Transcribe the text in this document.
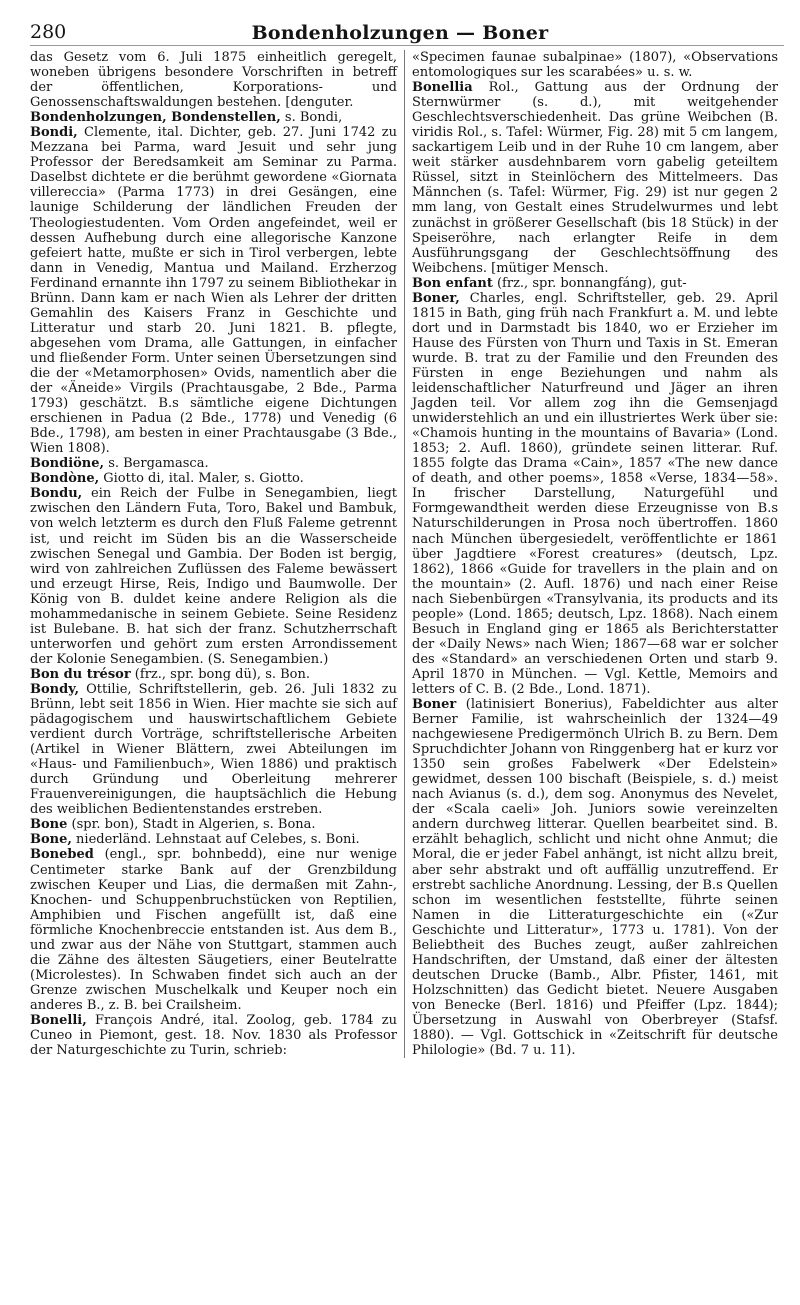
280	Bondenholzungen — Boner

das Gesetz vom 6. Juli 1875 einheitlich geregelt, woneben übrigens besondere Vorschriften in betreff der öffentlichen, Korporations- und Genossenschaftswaldungen bestehen. [denguter.

Bondenholzungen, Bondenstellen, s. Bondi,

Bondi, Clemente, ital. Dichter, geb. 27. Juni 1742 zu Mezzana bei Parma, ward Jesuit und sehr jung Professor der Beredsamkeit am Seminar zu Parma. Daselbst dichtete er die berühmt gewordene «Giornata villereccia» (Parma 1773) in drei Gesängen, eine launige Schilderung der ländlichen Freuden der Theologiestudenten. Vom Orden angefeindet, weil er dessen Aufhebung durch eine allegorische Kanzone gefeiert hatte, mußte er sich in Tirol verbergen, lebte dann in Venedig, Mantua und Mailand. Erzherzog Ferdinand ernannte ihn 1797 zu seinem Bibliothekar in Brünn. Dann kam er nach Wien als Lehrer der dritten Gemahlin des Kaisers Franz in Geschichte und Litteratur und starb 20. Juni 1821. B. pflegte, abgesehen vom Drama, alle Gattungen, in einfacher und fließender Form. Unter seinen Übersetzungen sind die der «Metamorphosen» Ovids, namentlich aber die der «Äneide» Virgils (Prachtausgabe, 2 Bde., Parma 1793) geschätzt. B.s sämtliche eigene Dichtungen erschienen in Padua (2 Bde., 1778) und Venedig (6 Bde., 1798), am besten in einer Prachtausgabe (3 Bde., Wien 1808).

Bondiöne, s. Bergamasca.

Bondòne, Giotto di, ital. Maler, s. Giotto.

Bondu, ein Reich der Fulbe in Senegambien, liegt zwischen den Ländern Futa, Toro, Bakel und Bambuk, von welch letzterm es durch den Fluß Faleme getrennt ist, und reicht im Süden bis an die Wasserscheide zwischen Senegal und Gambia. Der Boden ist bergig, wird von zahlreichen Zuflüssen des Faleme bewässert und erzeugt Hirse, Reis, Indigo und Baumwolle. Der König von B. duldet keine andere Religion als die mohammedanische in seinem Gebiete. Seine Residenz ist Bulebane. B. hat sich der franz. Schutzherrschaft unterworfen und gehört zum ersten Arrondissement der Kolonie Senegambien. (S. Senegambien.)

Bon du trésor (frz., spr. bong dü), s. Bon.

Bondy, Ottilie, Schriftstellerin, geb. 26. Juli 1832 zu Brünn, lebt seit 1856 in Wien. Hier machte sie sich auf pädagogischem und hauswirtschaftlichem Gebiete verdient durch Vorträge, schriftstellerische Arbeiten (Artikel in Wiener Blättern, zwei Abteilungen im «Haus- und Familienbuch», Wien 1886) und praktisch durch Gründung und Oberleitung mehrerer Frauenvereinigungen, die hauptsächlich die Hebung des weiblichen Bedientenstandes erstreben.

Bone (spr. bon), Stadt in Algerien, s. Bona.

Bone, niederländ. Lehnstaat auf Celebes, s. Boni.

Bonebed (engl., spr. bohnbedd), eine nur wenige Centimeter starke Bank auf der Grenzbildung zwischen Keuper und Lias, die dermaßen mit Zahn-, Knochen- und Schuppenbruchstücken von Reptilien, Amphibien und Fischen angefüllt ist, daß eine förmliche Knochenbreccie entstanden ist. Aus dem B., und zwar aus der Nähe von Stuttgart, stammen auch die Zähne des ältesten Säugetiers, einer Beutelratte (Microlestes). In Schwaben findet sich auch an der Grenze zwischen Muschelkalk und Keuper noch ein anderes B., z. B. bei Crailsheim.

Bonelli, François André, ital. Zoolog, geb. 1784 zu Cuneo in Piemont, gest. 18. Nov. 1830 als Professor der Naturgeschichte zu Turin, schrieb:

«Specimen faunae subalpinae» (1807), «Observations entomologiques sur les scarabées» u. s. w.

Bonellia Rol., Gattung aus der Ordnung der Sternwürmer (s. d.), mit weitgehender Geschlechtsverschiedenheit. Das grüne Weibchen (B. viridis Rol., s. Tafel: Würmer, Fig. 28) mit 5 cm langem, sackartigem Leib und in der Ruhe 10 cm langem, aber weit stärker ausdehnbarem vorn gabelig geteiltem Rüssel, sitzt in Steinlöchern des Mittelmeers. Das Männchen (s. Tafel: Würmer, Fig. 29) ist nur gegen 2 mm lang, von Gestalt eines Strudelwurmes und lebt zunächst in größerer Gesellschaft (bis 18 Stück) in der Speiseröhre, nach erlangter Reife in dem Ausführungsgang der Geschlechtsöffnung des Weibchens. [mütiger Mensch.

Bon enfant (frz., spr. bonnangfáng), gut-

Boner, Charles, engl. Schriftsteller, geb. 29. April 1815 in Bath, ging früh nach Frankfurt a. M. und lebte dort und in Darmstadt bis 1840, wo er Erzieher im Hause des Fürsten von Thurn und Taxis in St. Emeran wurde. B. trat zu der Familie und den Freunden des Fürsten in enge Beziehungen und nahm als leidenschaftlicher Naturfreund und Jäger an ihren Jagden teil. Vor allem zog ihn die Gemsenjagd unwiderstehlich an und ein illustriertes Werk über sie: «Chamois hunting in the mountains of Bavaria» (Lond. 1853; 2. Aufl. 1860), gründete seinen litterar. Ruf. 1855 folgte das Drama «Cain», 1857 «The new dance of death, and other poems», 1858 «Verse, 1834—58». In frischer Darstellung, Naturgefühl und Formgewandtheit werden diese Erzeugnisse von B.s Naturschilderungen in Prosa noch übertroffen. 1860 nach München übergesiedelt, veröffentlichte er 1861 über Jagdtiere «Forest creatures» (deutsch, Lpz. 1862), 1866 «Guide for travellers in the plain and on the mountain» (2. Aufl. 1876) und nach einer Reise nach Siebenbürgen «Transylvania, its products and its people» (Lond. 1865; deutsch, Lpz. 1868). Nach einem Besuch in England ging er 1865 als Berichterstatter der «Daily News» nach Wien; 1867—68 war er solcher des «Standard» an verschiedenen Orten und starb 9. April 1870 in München. — Vgl. Kettle, Memoirs and letters of C. B. (2 Bde., Lond. 1871).

Boner (latinisiert Bonerius), Fabeldichter aus alter Berner Familie, ist wahrscheinlich der 1324—49 nachgewiesene Predigermönch Ulrich B. zu Bern. Dem Spruchdichter Johann von Ringgenberg hat er kurz vor 1350 sein großes Fabelwerk «Der Edelstein» gewidmet, dessen 100 bischaft (Beispiele, s. d.) meist nach Avianus (s. d.), dem sog. Anonymus des Nevelet, der «Scala caeli» Joh. Juniors sowie vereinzelten andern durchweg litterar. Quellen bearbeitet sind. B. erzählt behaglich, schlicht und nicht ohne Anmut; die Moral, die er jeder Fabel anhängt, ist nicht allzu breit, aber sehr abstrakt und oft auffällig unzutreffend. Er erstrebt sachliche Anordnung. Lessing, der B.s Quellen schon im wesentlichen feststellte, führte seinen Namen in die Litteraturgeschichte ein («Zur Geschichte und Litteratur», 1773 u. 1781). Von der Beliebtheit des Buches zeugt, außer zahlreichen Handschriften, der Umstand, daß einer der ältesten deutschen Drucke (Bamb., Albr. Pfister, 1461, mit Holzschnitten) das Gedicht bietet. Neuere Ausgaben von Benecke (Berl. 1816) und Pfeiffer (Lpz. 1844); Übersetzung in Auswahl von Oberbreyer (Stafsf. 1880). — Vgl. Gottschick in «Zeitschrift für deutsche Philologie» (Bd. 7 u. 11).
